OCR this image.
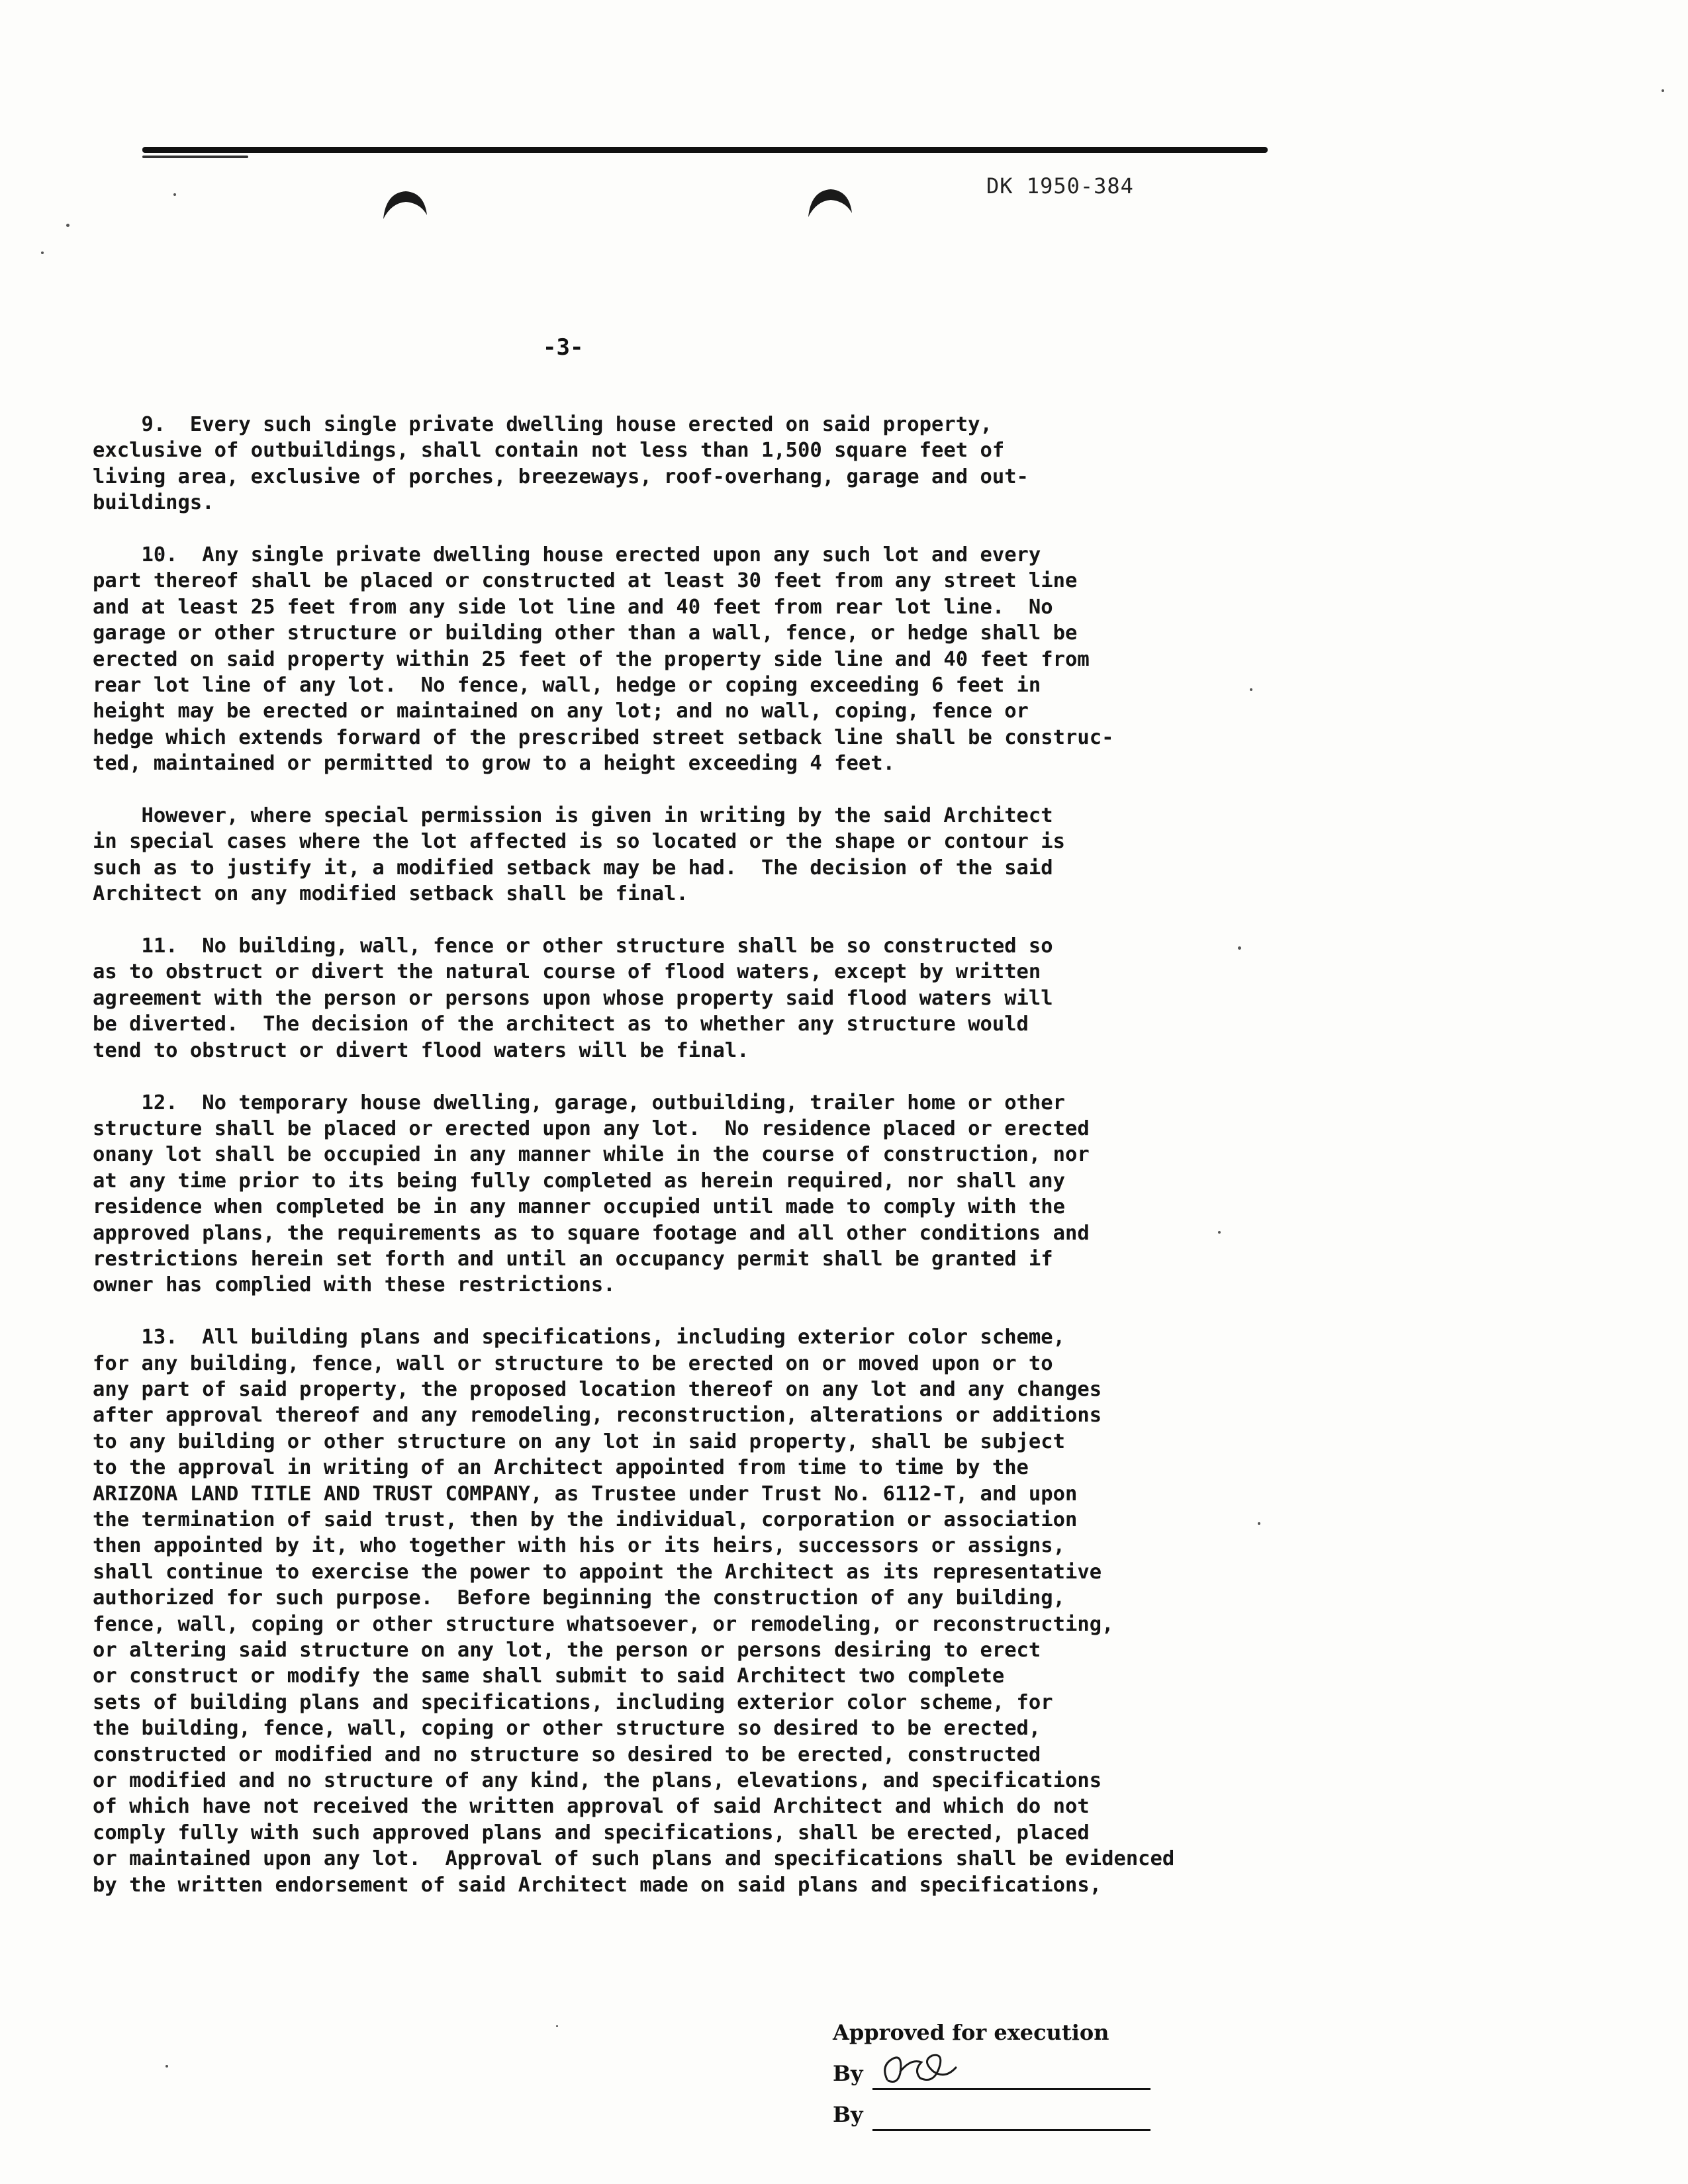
DK 1950-384
-3-
9.  Every such single private dwelling house erected on said property,
exclusive of outbuildings, shall contain not less than 1,500 square feet of
living area, exclusive of porches, breezeways, roof-overhang, garage and out-
buildings.
10.  Any single private dwelling house erected upon any such lot and every
part thereof shall be placed or constructed at least 30 feet from any street line
and at least 25 feet from any side lot line and 40 feet from rear lot line.  No
garage or other structure or building other than a wall, fence, or hedge shall be
erected on said property within 25 feet of the property side line and 40 feet from
rear lot line of any lot.  No fence, wall, hedge or coping exceeding 6 feet in
height may be erected or maintained on any lot; and no wall, coping, fence or
hedge which extends forward of the prescribed street setback line shall be construc-
ted, maintained or permitted to grow to a height exceeding 4 feet.
However, where special permission is given in writing by the said Architect
in special cases where the lot affected is so located or the shape or contour is
such as to justify it, a modified setback may be had.  The decision of the said
Architect on any modified setback shall be final.
11.  No building, wall, fence or other structure shall be so constructed so
as to obstruct or divert the natural course of flood waters, except by written
agreement with the person or persons upon whose property said flood waters will
be diverted.  The decision of the architect as to whether any structure would
tend to obstruct or divert flood waters will be final.
12.  No temporary house dwelling, garage, outbuilding, trailer home or other
structure shall be placed or erected upon any lot.  No residence placed or erected
onany lot shall be occupied in any manner while in the course of construction, nor
at any time prior to its being fully completed as herein required, nor shall any
residence when completed be in any manner occupied until made to comply with the
approved plans, the requirements as to square footage and all other conditions and
restrictions herein set forth and until an occupancy permit shall be granted if
owner has complied with these restrictions.
13.  All building plans and specifications, including exterior color scheme,
for any building, fence, wall or structure to be erected on or moved upon or to
any part of said property, the proposed location thereof on any lot and any changes
after approval thereof and any remodeling, reconstruction, alterations or additions
to any building or other structure on any lot in said property, shall be subject
to the approval in writing of an Architect appointed from time to time by the
ARIZONA LAND TITLE AND TRUST COMPANY, as Trustee under Trust No. 6112-T, and upon
the termination of said trust, then by the individual, corporation or association
then appointed by it, who together with his or its heirs, successors or assigns,
shall continue to exercise the power to appoint the Architect as its representative
authorized for such purpose.  Before beginning the construction of any building,
fence, wall, coping or other structure whatsoever, or remodeling, or reconstructing,
or altering said structure on any lot, the person or persons desiring to erect
or construct or modify the same shall submit to said Architect two complete
sets of building plans and specifications, including exterior color scheme, for
the building, fence, wall, coping or other structure so desired to be erected,
constructed or modified and no structure so desired to be erected, constructed
or modified and no structure of any kind, the plans, elevations, and specifications
of which have not received the written approval of said Architect and which do not
comply fully with such approved plans and specifications, shall be erected, placed
or maintained upon any lot.  Approval of such plans and specifications shall be evidenced
by the written endorsement of said Architect made on said plans and specifications,
Approved for execution
By
By
